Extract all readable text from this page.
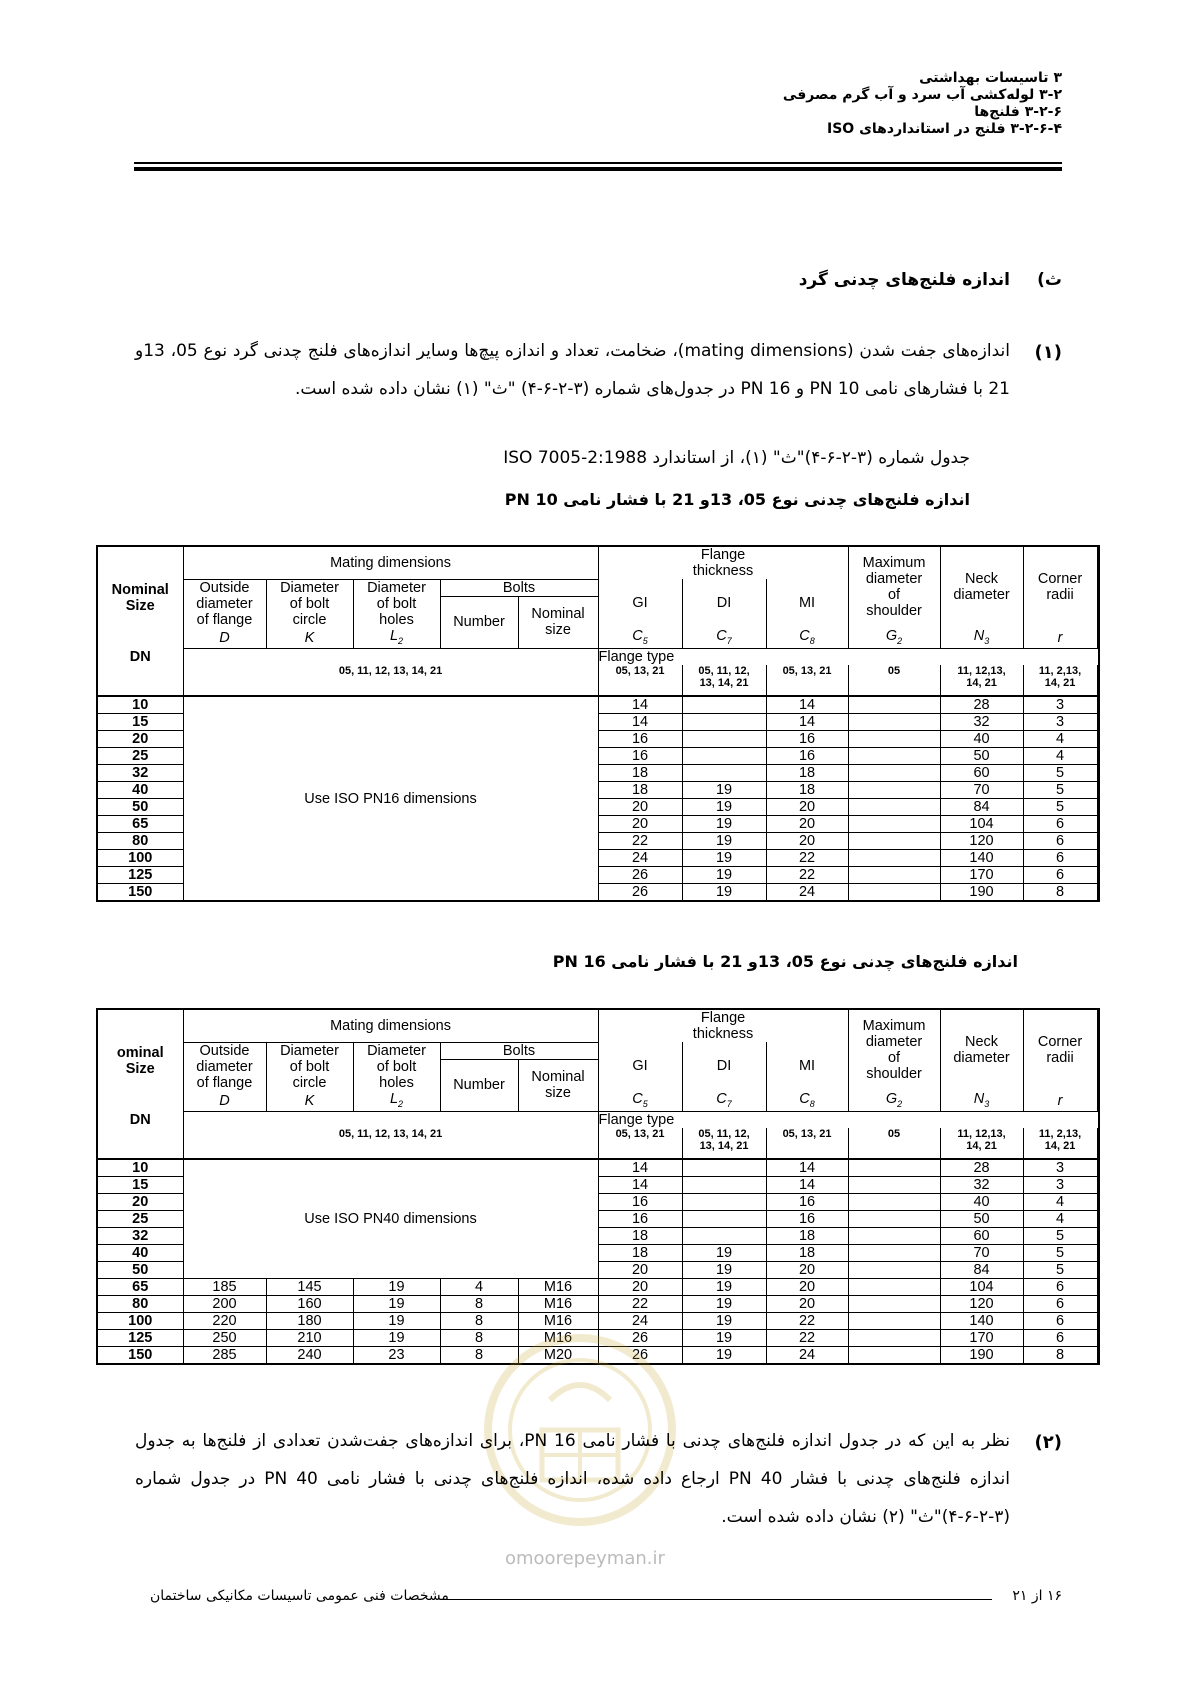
۳ تاسیسات بهداشتی
۳-۲ لوله‌کشی آب سرد و آب گرم مصرفی
۳-۲-۶ فلنج‌ها
۳-۲-۶-۴ فلنج در استانداردهای ISO
ث)
اندازه فلنج‌های چدنی گرد
(۱)
اندازه‌های جفت شدن (mating dimensions)، ضخامت، تعداد و اندازه پیچ‌ها وسایر اندازه‌های فلنج چدنی گرد نوع 05، 13و 21 با فشارهای نامی PN 10 و PN 16 در جدول‌های شماره (۳-۲-۶-۴) "ث" (۱) نشان داده شده است.
جدول شماره (۳-۲-۶-۴)"ث" (۱)، از استاندارد ISO 7005-2:1988
اندازه فلنج‌های چدنی نوع 05، 13و 21 با فشار نامی PN 10
Nominal
Size	Mating dimensions					Flange
thickness			Maximum
diameter
of
shoulder	Neck
diameter	Corner
radii	
	Outside
diameter
of flange	Diameter
of bolt
circle	Diameter
of bolt
holes	Bolts		GI	DI	MI				
				Number	Nominal
size							

	D	K	$L_2$			$C_5$	$C_7$	$C_8$	$G_2$	$N_3$	r	
DN						Flange type						
	05, 11, 12, 13, 14, 21					05, 13, 21	05, 11, 12,
13, 14, 21	05, 13, 21	05	11, 12,13,
14, 21	11, 2,13,
14, 21	
10	Use ISO PN16 dimensions					14		14		28	3	
15						14		14		32	3	
20						16		16		40	4	
25						16		16		50	4	
32						18		18		60	5	
40						18	19	18		70	5	
50						20	19	20		84	5	
65						20	19	20		104	6	
80						22	19	20		120	6	
100						24	19	22		140	6	
125						26	19	22		170	6	
150						26	19	24		190	8	
اندازه فلنج‌های چدنی نوع 05، 13و 21 با فشار نامی PN 16
ominal
Size	Mating dimensions					Flange
thickness			Maximum
diameter
of
shoulder	Neck
diameter	Corner
radii	
	Outside
diameter
of flange	Diameter
of bolt
circle	Diameter
of bolt
holes	Bolts		GI	DI	MI				
				Number	Nominal
size							

	D	K	$L_2$			$C_5$	$C_7$	$C_8$	$G_2$	$N_3$	r	
DN						Flange type						
	05, 11, 12, 13, 14, 21					05, 13, 21	05, 11, 12,
13, 14, 21	05, 13, 21	05	11, 12,13,
14, 21	11, 2,13,
14, 21	
10	Use ISO PN40 dimensions					14		14		28	3	
15						14		14		32	3	
20						16		16		40	4	
25						16		16		50	4	
32						18		18		60	5	
40						18	19	18		70	5	
50						20	19	20		84	5	
65	185	145	19	4	M16	20	19	20		104	6	
80	200	160	19	8	M16	22	19	20		120	6	
100	220	180	19	8	M16	24	19	22		140	6	
125	250	210	19	8	M16	26	19	22		170	6	
150	285	240	23	8	M20	26	19	24		190	8	
omoorepeyman.ir
(۲)
نظر به این که در جدول اندازه فلنج‌های چدنی با فشار نامی PN 16، برای اندازه‌های جفت‌شدن تعدادی از فلنج‌ها به جدول اندازه فلنج‌های چدنی با فشار PN 40 ارجاع داده شده، اندازه فلنج‌های چدنی با فشار نامی PN 40 در جدول شماره (۳-۲-۶-۴)"ث" (۲) نشان داده شده است.
۱۶ از ۲۱
مشخصات فنی عمومی تاسیسات مکانیکی ساختمان
